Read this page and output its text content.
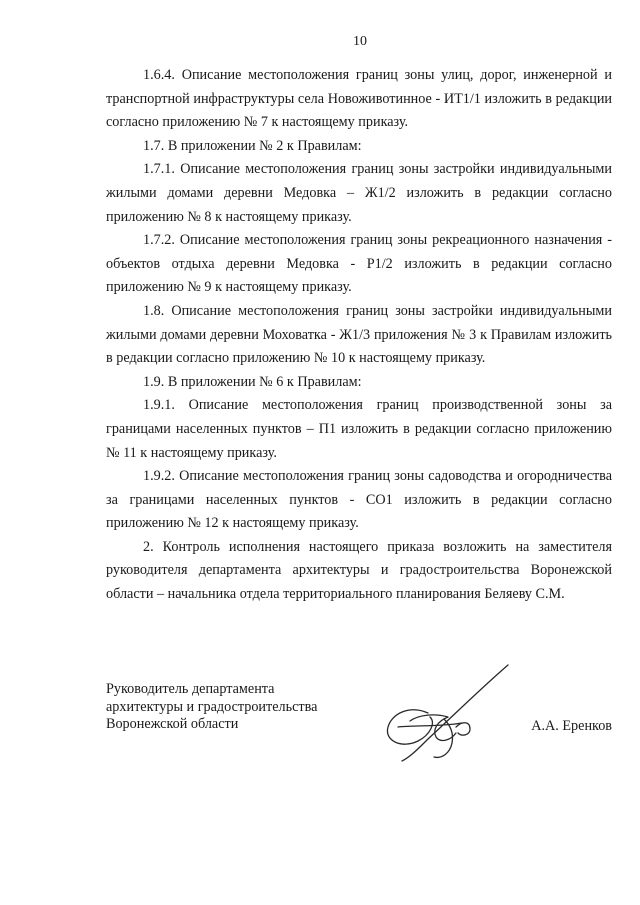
10

1.6.4. Описание местоположения границ зоны улиц, дорог, инженерной и транспортной инфраструктуры села Новоживотинное - ИТ1/1 изложить в редакции согласно приложению № 7 к настоящему приказу.

1.7. В приложении № 2 к Правилам:

1.7.1. Описание местоположения границ зоны застройки индивидуальными жилыми домами деревни Медовка – Ж1/2 изложить в редакции согласно приложению № 8 к настоящему приказу.

1.7.2. Описание местоположения границ зоны рекреационного назначения - объектов отдыха деревни Медовка - Р1/2 изложить в редакции согласно приложению № 9 к настоящему приказу.

1.8. Описание местоположения границ зоны застройки индивидуальными жилыми домами деревни Моховатка - Ж1/3 приложения № 3 к Правилам изложить в редакции согласно приложению № 10 к настоящему приказу.

1.9. В приложении № 6 к Правилам:

1.9.1. Описание местоположения границ производственной зоны за границами населенных пунктов – П1 изложить в редакции согласно приложению № 11 к настоящему приказу.

1.9.2. Описание местоположения границ зоны садоводства и огородничества за границами населенных пунктов - СО1 изложить в редакции согласно приложению № 12 к настоящему приказу.

2. Контроль исполнения настоящего приказа возложить на заместителя руководителя департамента архитектуры и градостроительства Воронежской области – начальника отдела территориального планирования Беляеву С.М.

Руководитель департамента
архитектуры и градостроительства
Воронежской области	А.А. Еренков
